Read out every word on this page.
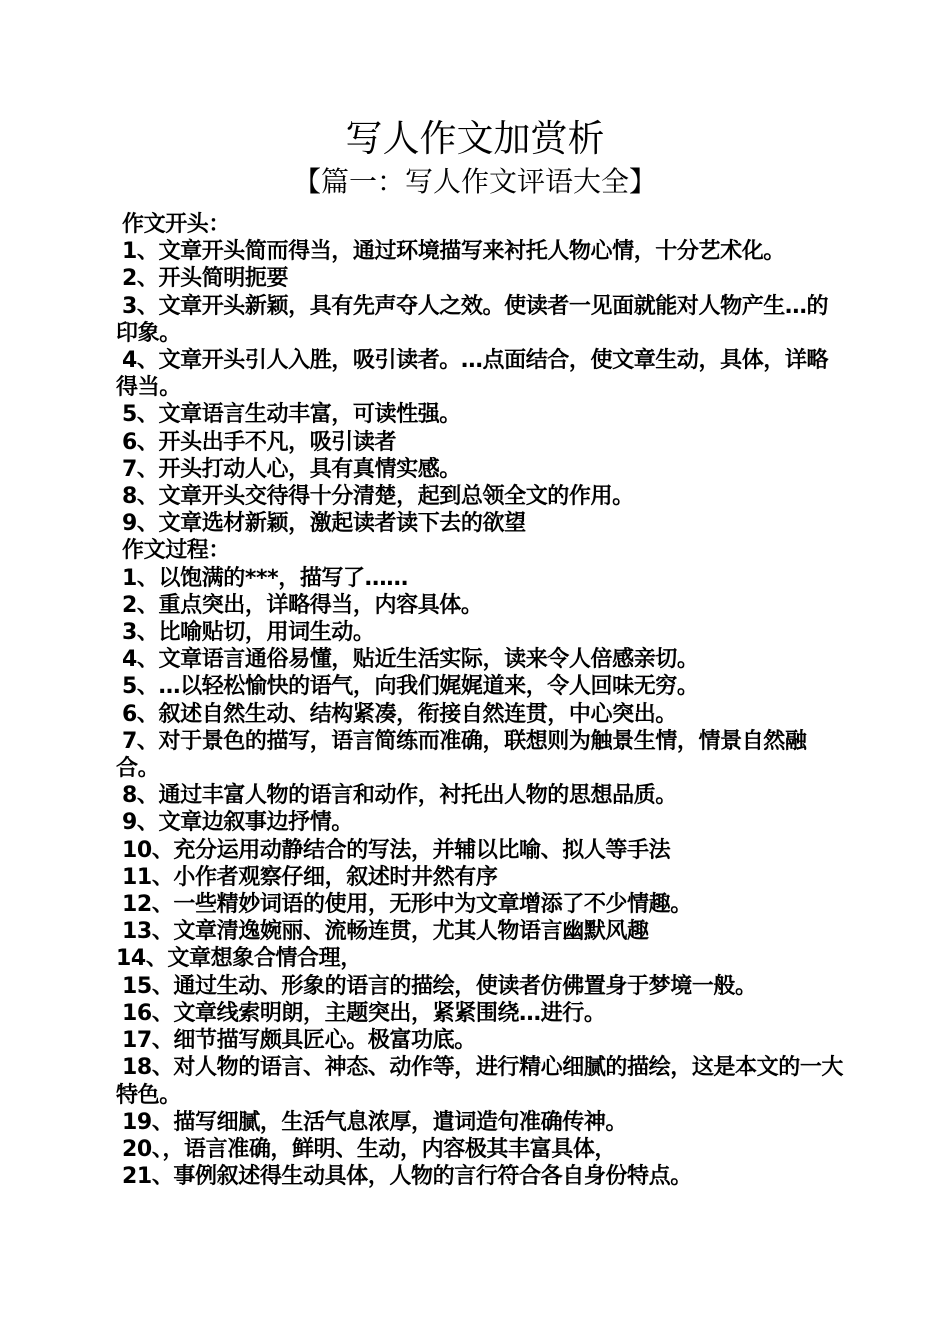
写人作文加赏析
【篇一：写人作文评语大全】
作文开头：
1、文章开头简而得当，通过环境描写来衬托人物心情，十分艺术化。
2、开头简明扼要
3、文章开头新颖，具有先声夺人之效。使读者一见面就能对人物产生…的印象。
4、文章开头引人入胜，吸引读者。…点面结合，使文章生动，具体，详略得当。
5、文章语言生动丰富，可读性强。
6、开头出手不凡，吸引读者
7、开头打动人心，具有真情实感。
8、文章开头交待得十分清楚，起到总领全文的作用。
9、文章选材新颖，激起读者读下去的欲望
作文过程：
1、以饱满的***，描写了……
2、重点突出，详略得当，内容具体。
3、比喻贴切，用词生动。
4、文章语言通俗易懂，贴近生活实际，读来令人倍感亲切。
5、…以轻松愉快的语气，向我们娓娓道来，令人回味无穷。
6、叙述自然生动、结构紧凑，衔接自然连贯，中心突出。
7、对于景色的描写，语言简练而准确，联想则为触景生情，情景自然融合。
8、通过丰富人物的语言和动作，衬托出人物的思想品质。
9、文章边叙事边抒情。
10、充分运用动静结合的写法，并辅以比喻、拟人等手法
11、小作者观察仔细，叙述时井然有序
12、一些精妙词语的使用，无形中为文章增添了不少情趣。
13、文章清逸婉丽、流畅连贯，尤其人物语言幽默风趣
14、文章想象合情合理，
15、通过生动、形象的语言的描绘，使读者仿佛置身于梦境一般。
16、文章线索明朗，主题突出，紧紧围绕…进行。
17、细节描写颇具匠心。极富功底。
18、对人物的语言、神态、动作等，进行精心细腻的描绘，这是本文的一大特色。
19、描写细腻，生活气息浓厚，遣词造句准确传神。
20、，语言准确，鲜明、生动，内容极其丰富具体，
21、事例叙述得生动具体，人物的言行符合各自身份特点。
